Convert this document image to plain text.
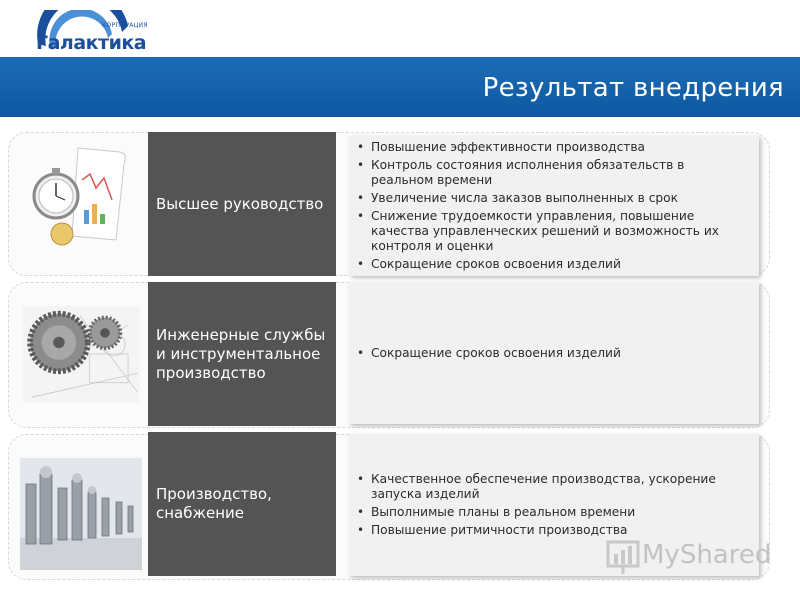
КОРПОРАЦИЯ
Галактика
Результат внедрения
Высшее руководство
• Повышение эффективности производства
• Контроль состояния исполнения обязательств в реальном времени
• Увеличение числа заказов выполненных в срок
• Снижение трудоемкости управления, повышение качества управленческих решений и возможность их контроля и оценки
• Сокращение сроков освоения изделий
Инженерные службы и инструментальное производство
• Сокращение сроков освоения изделий
Производство, снабжение
• Качественное обеспечение производства, ускорение запуска изделий
• Выполнимые планы в реальном времени
• Повышение ритмичности производства
MyShared
